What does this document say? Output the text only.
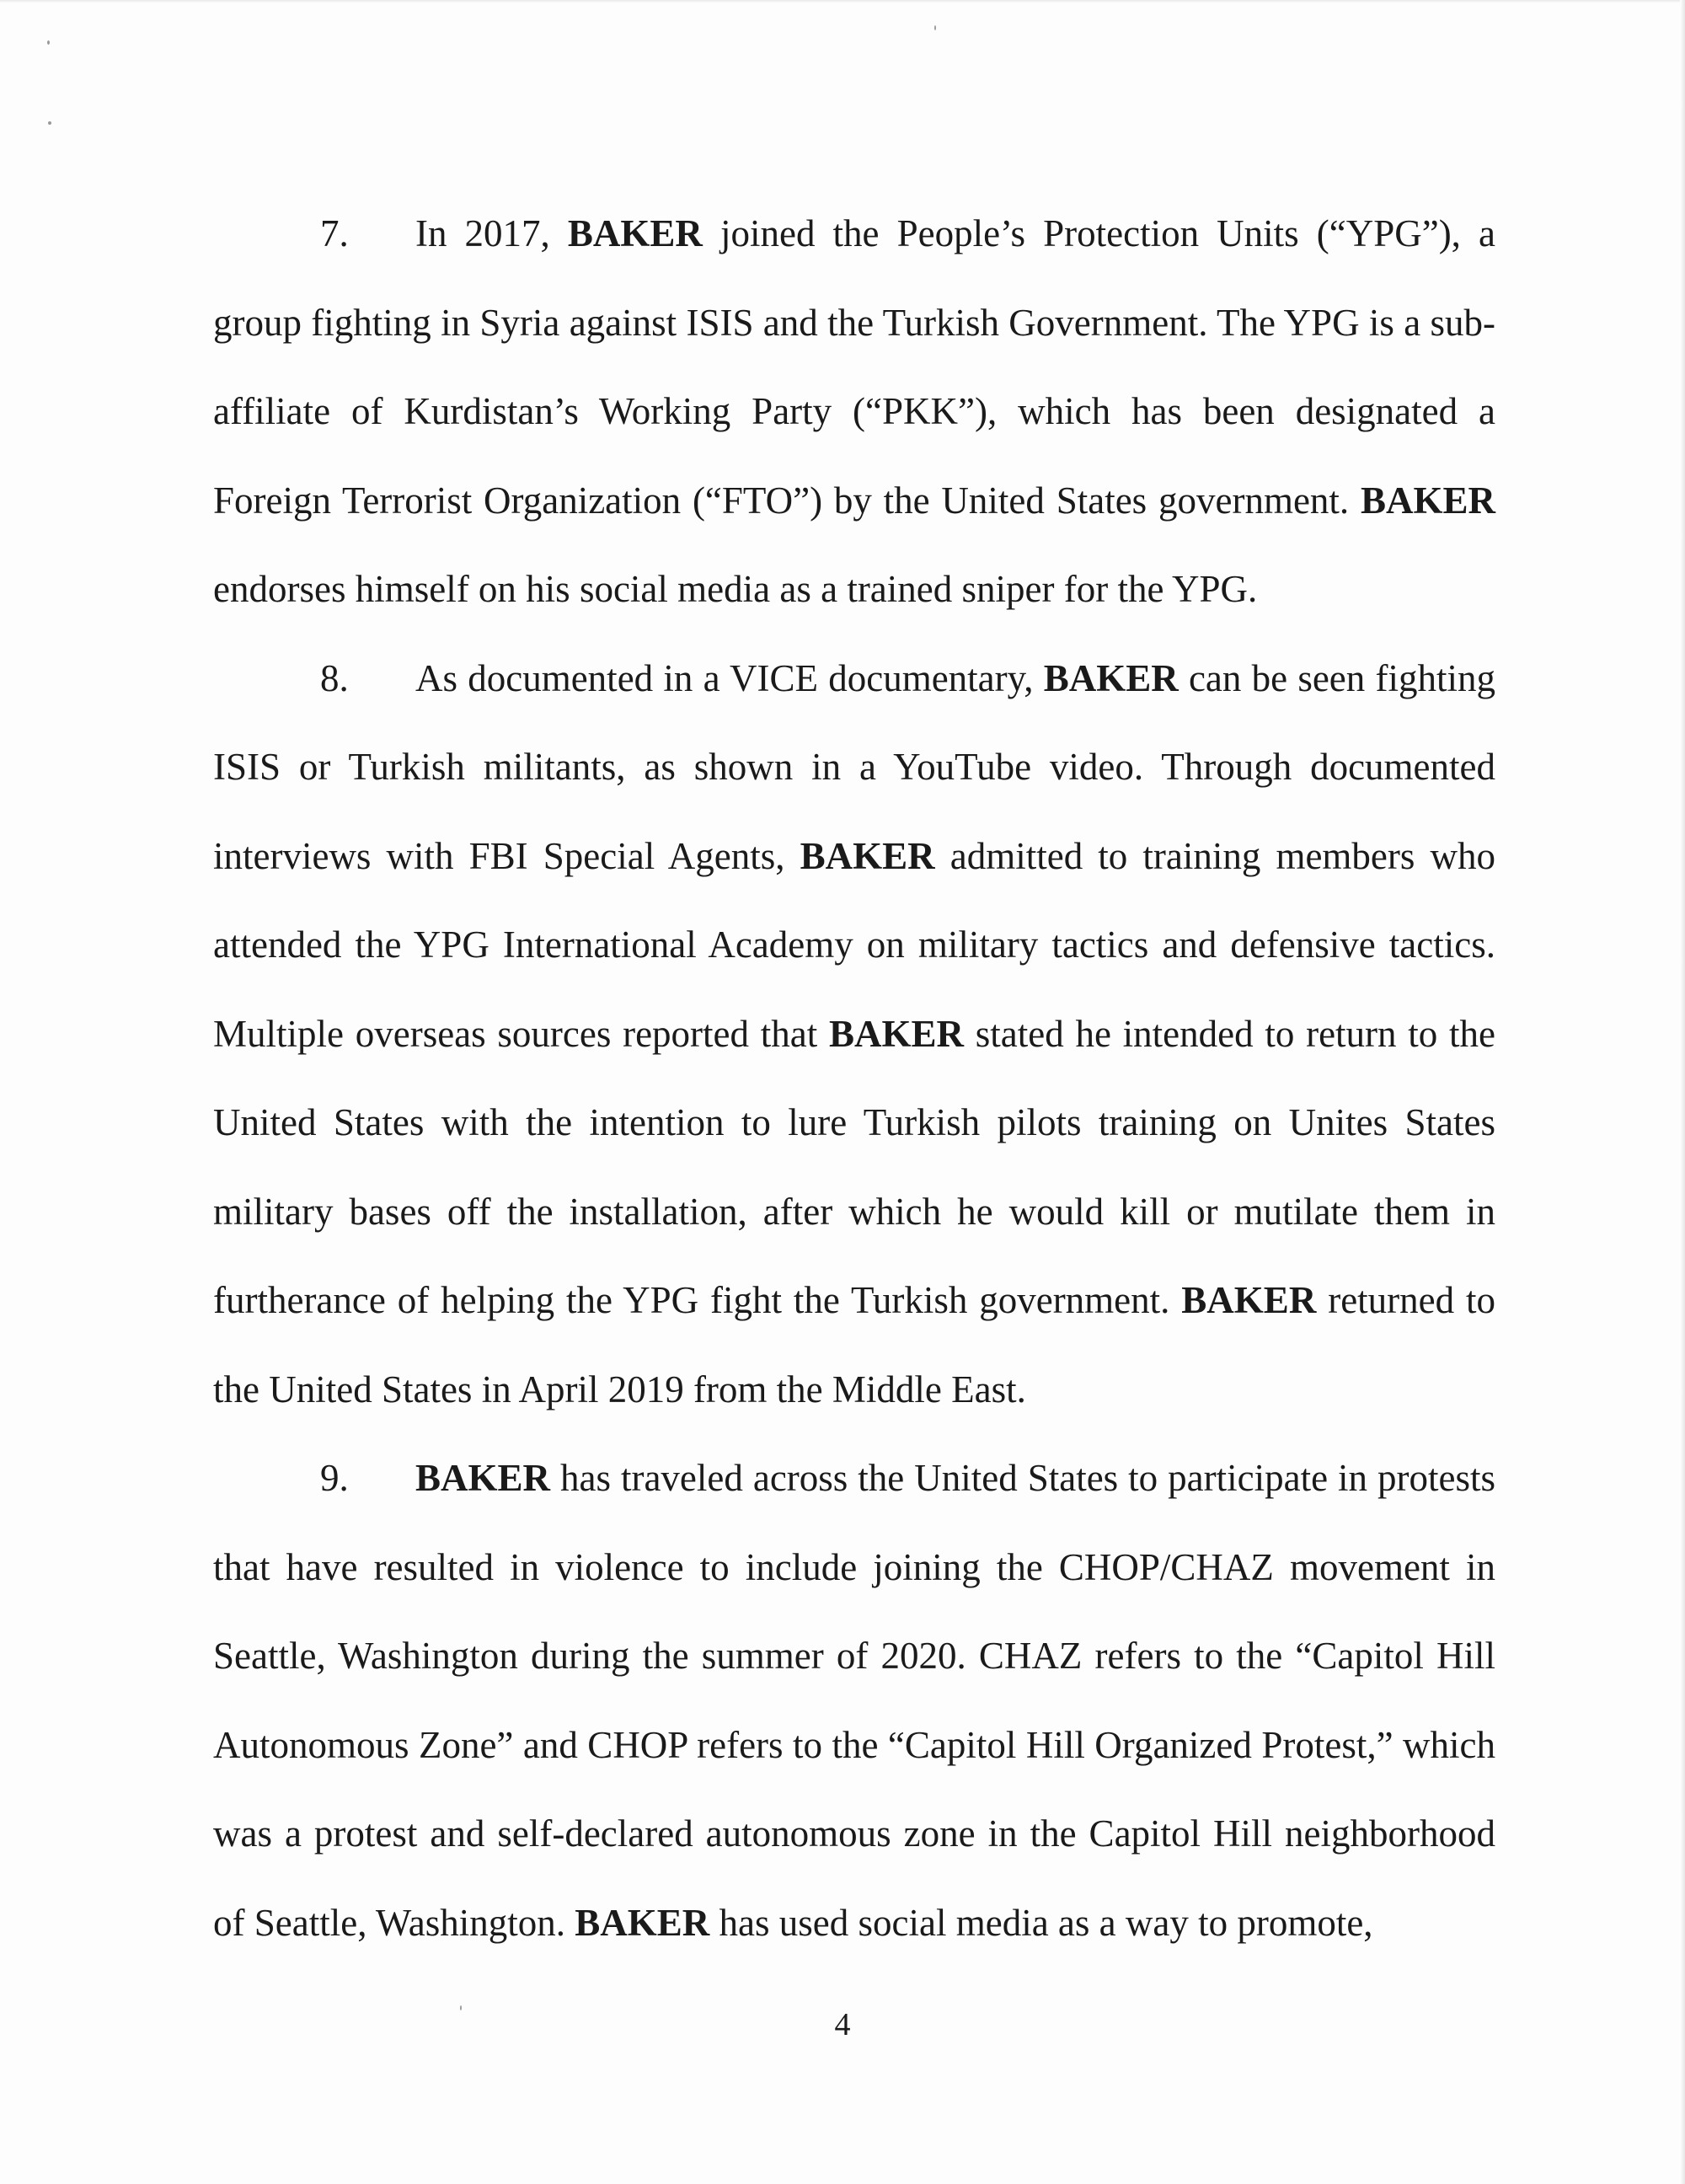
7. In 2017, BAKER joined the People’s Protection Units (“YPG”), a group fighting in Syria against ISIS and the Turkish Government. The YPG is a sub-affiliate of Kurdistan’s Working Party (“PKK”), which has been designated a Foreign Terrorist Organization (“FTO”) by the United States government. BAKER endorses himself on his social media as a trained sniper for the YPG.

8. As documented in a VICE documentary, BAKER can be seen fighting ISIS or Turkish militants, as shown in a YouTube video. Through documented interviews with FBI Special Agents, BAKER admitted to training members who attended the YPG International Academy on military tactics and defensive tactics. Multiple overseas sources reported that BAKER stated he intended to return to the United States with the intention to lure Turkish pilots training on Unites States military bases off the installation, after which he would kill or mutilate them in furtherance of helping the YPG fight the Turkish government. BAKER returned to the United States in April 2019 from the Middle East.

9. BAKER has traveled across the United States to participate in protests that have resulted in violence to include joining the CHOP/CHAZ movement in Seattle, Washington during the summer of 2020. CHAZ refers to the “Capitol Hill Autonomous Zone” and CHOP refers to the “Capitol Hill Organized Protest,” which was a protest and self-declared autonomous zone in the Capitol Hill neighborhood of Seattle, Washington. BAKER has used social media as a way to promote,

4
